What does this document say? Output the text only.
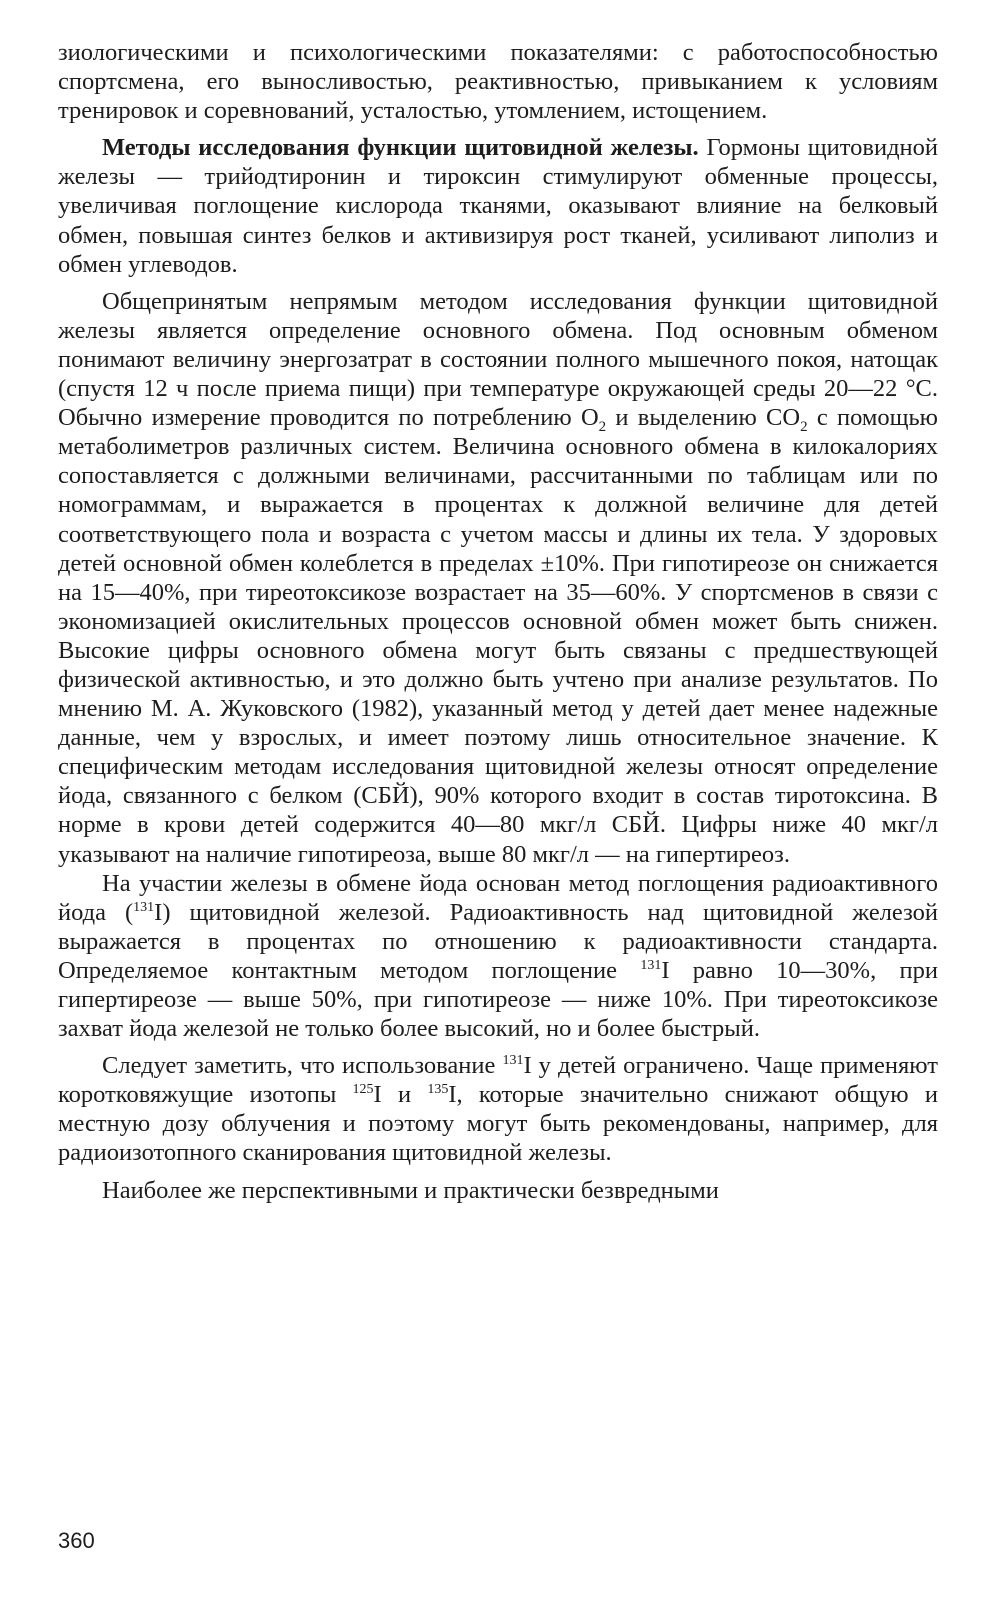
зиологическими и психологическими показателями: с работоспособностью спортсмена, его выносливостью, реактивностью, привыканием к условиям тренировок и соревнований, усталостью, утомлением, истощением.

Методы исследования функции щитовидной железы. Гормоны щитовидной железы — трийодтиронин и тироксин стимулируют обменные процессы, увеличивая поглощение кислорода тканями, оказывают влияние на белковый обмен, повышая синтез белков и активизируя рост тканей, усиливают липолиз и обмен углеводов.

Общепринятым непрямым методом исследования функции щитовидной железы является определение основного обмена. Под основным обменом понимают величину энергозатрат в состоянии полного мышечного покоя, натощак (спустя 12 ч после приема пищи) при температуре окружающей среды 20—22 °С. Обычно измерение проводится по потреблению $О_2$ и выделению $СО_2$ с помощью метаболиметров различных систем. Величина основного обмена в килокалориях сопоставляется с должными величинами, рассчитанными по таблицам или по номограммам, и выражается в процентах к должной величине для детей соответствующего пола и возраста с учетом массы и длины их тела. У здоровых детей основной обмен колеблется в пределах ±10%. При гипотиреозе он снижается на 15—40%, при тиреотоксикозе возрастает на 35—60%. У спортсменов в связи с экономизацией окислительных процессов основной обмен может быть снижен. Высокие цифры основного обмена могут быть связаны с предшествующей физической активностью, и это должно быть учтено при анализе результатов. По мнению М. А. Жуковского (1982), указанный метод у детей дает менее надежные данные, чем у взрослых, и имеет поэтому лишь относительное значение. К специфическим методам исследования щитовидной железы относят определение йода, связанного с белком (СБЙ), 90% которого входит в состав тиротоксина. В норме в крови детей содержится 40—80 мкг/л СБЙ. Цифры ниже 40 мкг/л указывают на наличие гипотиреоза, выше 80 мкг/л — на гипертиреоз.

На участии железы в обмене йода основан метод поглощения радиоактивного йода ($^{131}$I) щитовидной железой. Радиоактивность над щитовидной железой выражается в процентах по отношению к радиоактивности стандарта. Определяемое контактным методом поглощение $^{131}$I равно 10—30%, при гипертиреозе — выше 50%, при гипотиреозе — ниже 10%. При тиреотоксикозе захват йода железой не только более высокий, но и более быстрый.

Следует заметить, что использование $^{131}$I у детей ограничено. Чаще применяют коротковяжущие изотопы $^{125}$I и $^{135}$I, которые значительно снижают общую и местную дозу облучения и поэтому могут быть рекомендованы, например, для радиоизотопного сканирования щитовидной железы.

Наиболее же перспективными и практически безвредными

360
